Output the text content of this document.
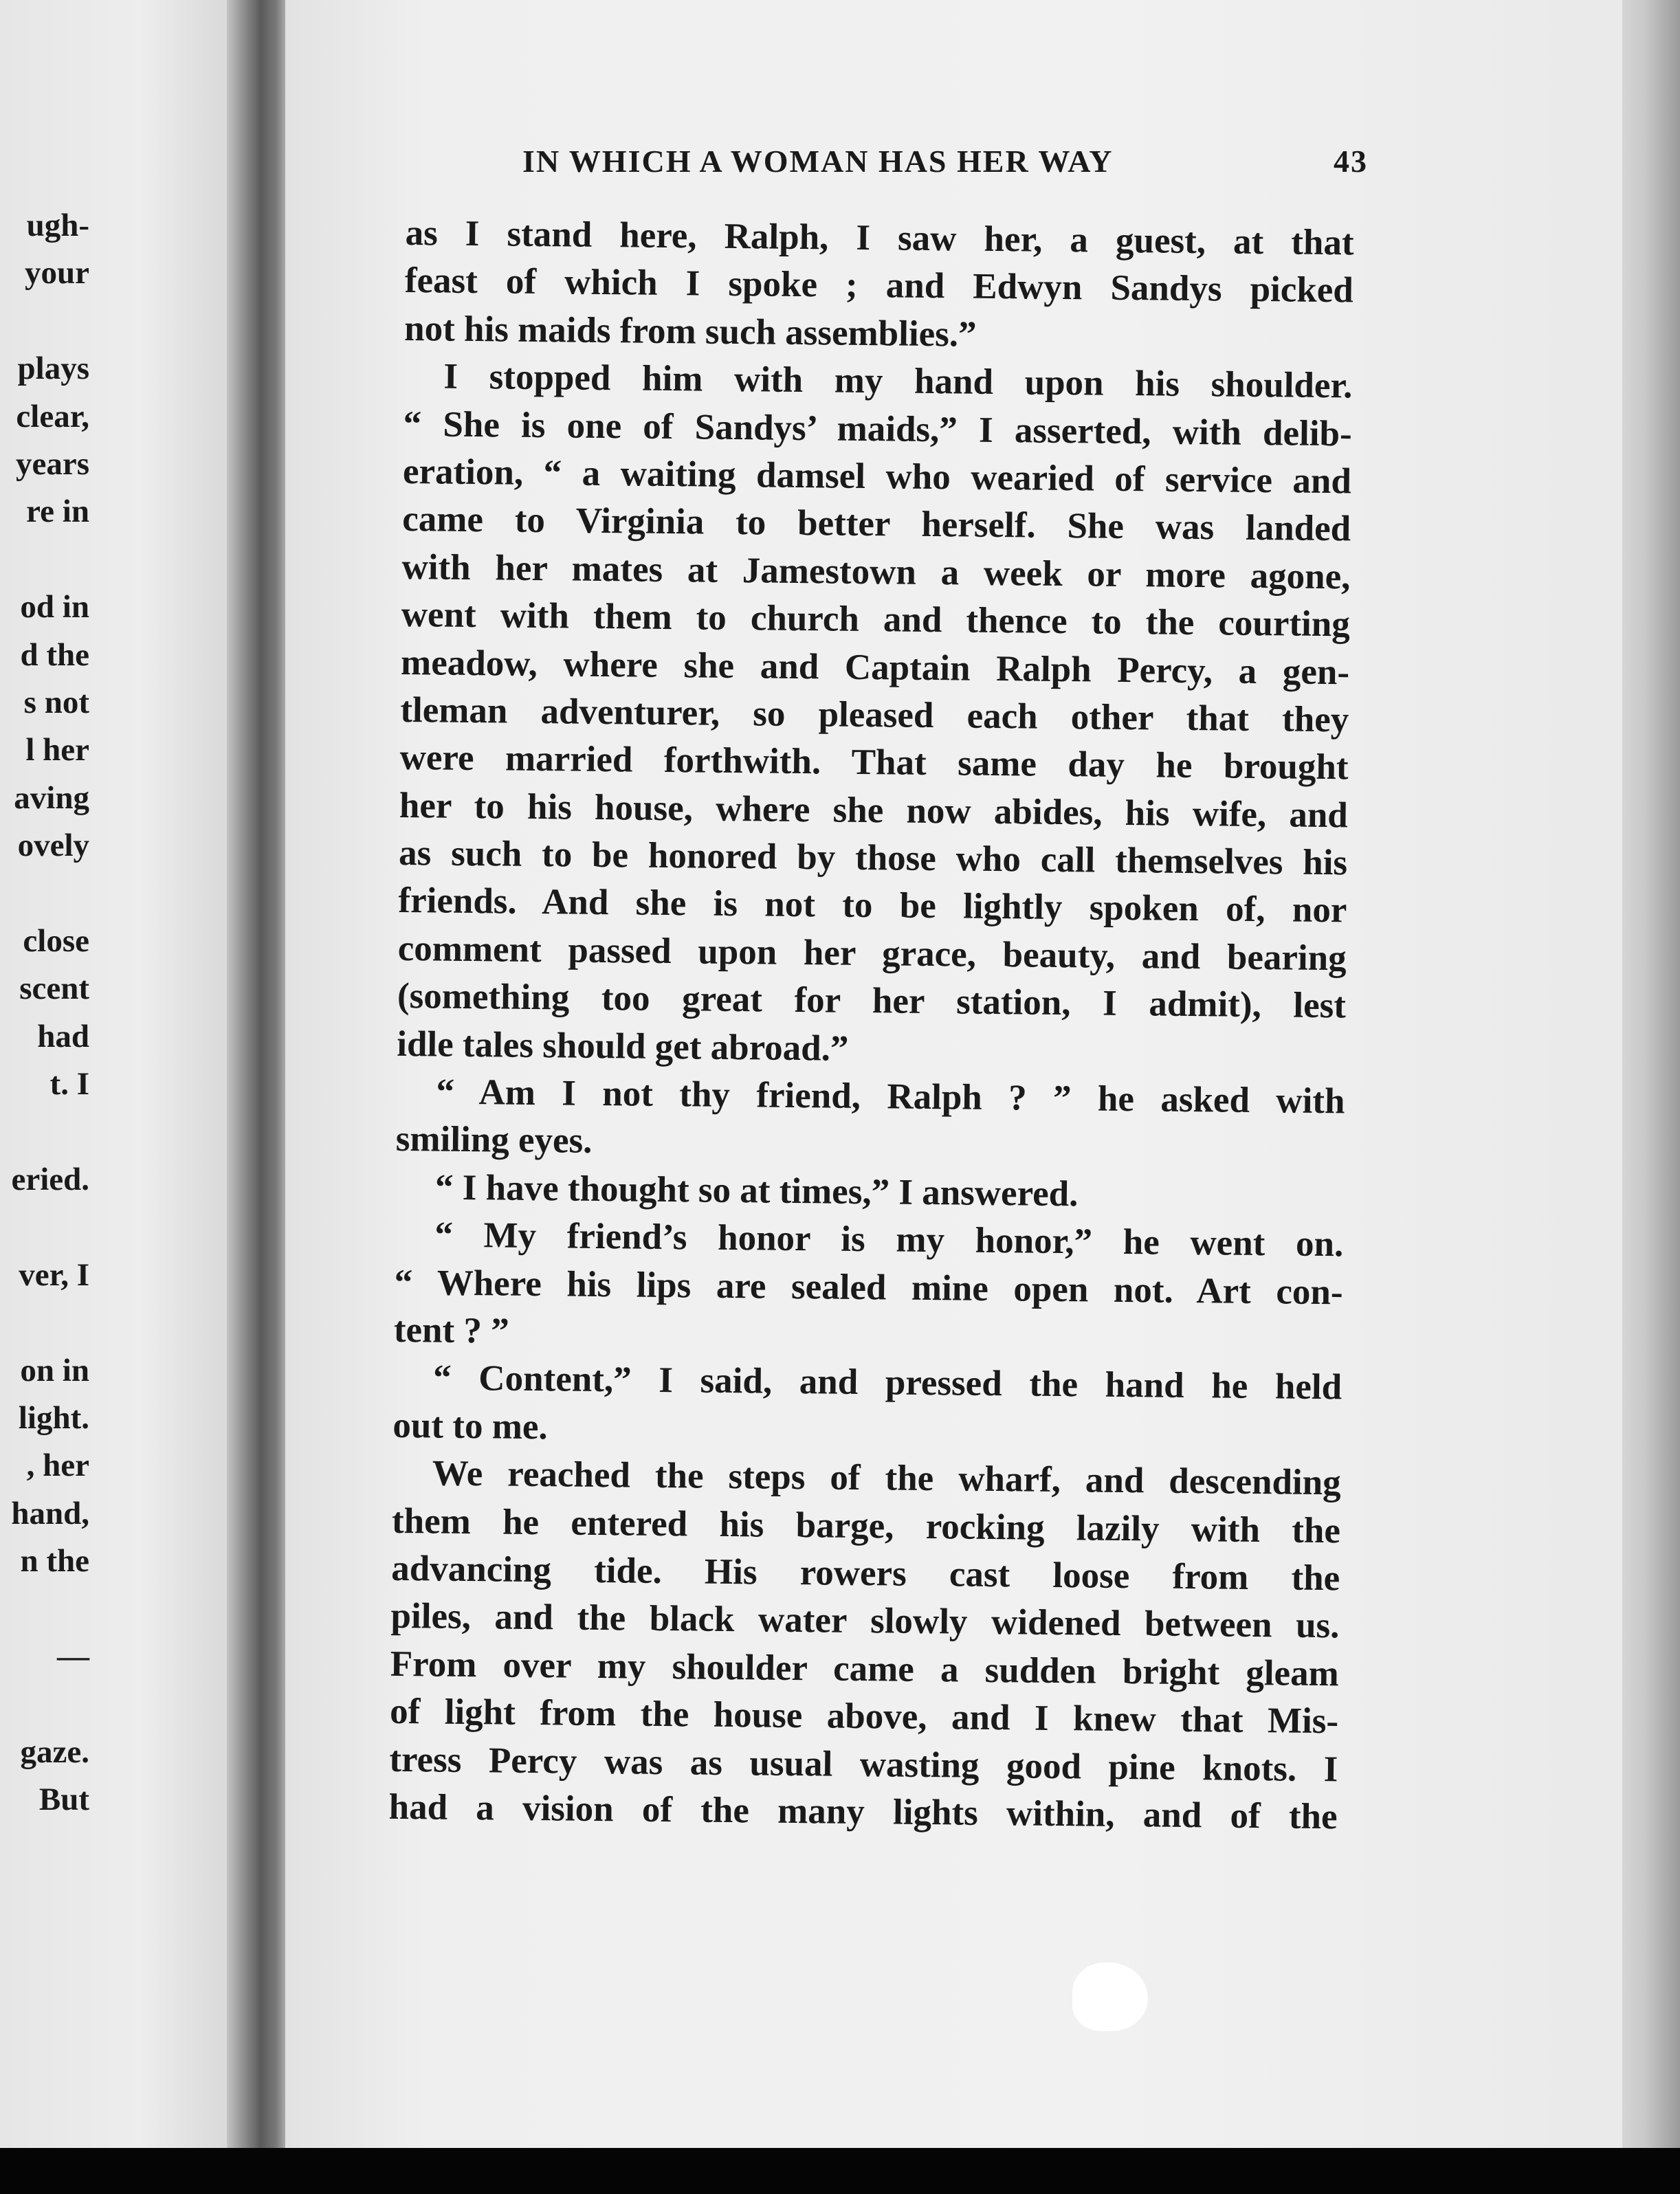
ugh-
your
plays
clear,
years
re in
od in
d the
s not
l her
aving
ovely
close
scent
had
t. I
eried.
ver, I
on in
light.
, her
hand,
n the
—
gaze.
But
IN WHICH A WOMAN HAS HER WAY	43
as I stand here, Ralph, I saw her, a guest, at that
feast of which I spoke ; and Edwyn Sandys picked
not his maids from such assemblies.”
I stopped him with my hand upon his shoulder.
“ She is one of Sandys’ maids,” I asserted, with delib-
eration, “ a waiting damsel who wearied of service and
came to Virginia to better herself. She was landed
with her mates at Jamestown a week or more agone,
went with them to church and thence to the courting
meadow, where she and Captain Ralph Percy, a gen-
tleman adventurer, so pleased each other that they
were married forthwith. That same day he brought
her to his house, where she now abides, his wife, and
as such to be honored by those who call themselves his
friends. And she is not to be lightly spoken of, nor
comment passed upon her grace, beauty, and bearing
(something too great for her station, I admit), lest
idle tales should get abroad.”
“ Am I not thy friend, Ralph ? ” he asked with
smiling eyes.
“ I have thought so at times,” I answered.
“ My friend’s honor is my honor,” he went on.
“ Where his lips are sealed mine open not. Art con-
tent ? ”
“ Content,” I said, and pressed the hand he held
out to me.
We reached the steps of the wharf, and descending
them he entered his barge, rocking lazily with the
advancing tide. His rowers cast loose from the
piles, and the black water slowly widened between us.
From over my shoulder came a sudden bright gleam
of light from the house above, and I knew that Mis-
tress Percy was as usual wasting good pine knots. I
had a vision of the many lights within, and of the
